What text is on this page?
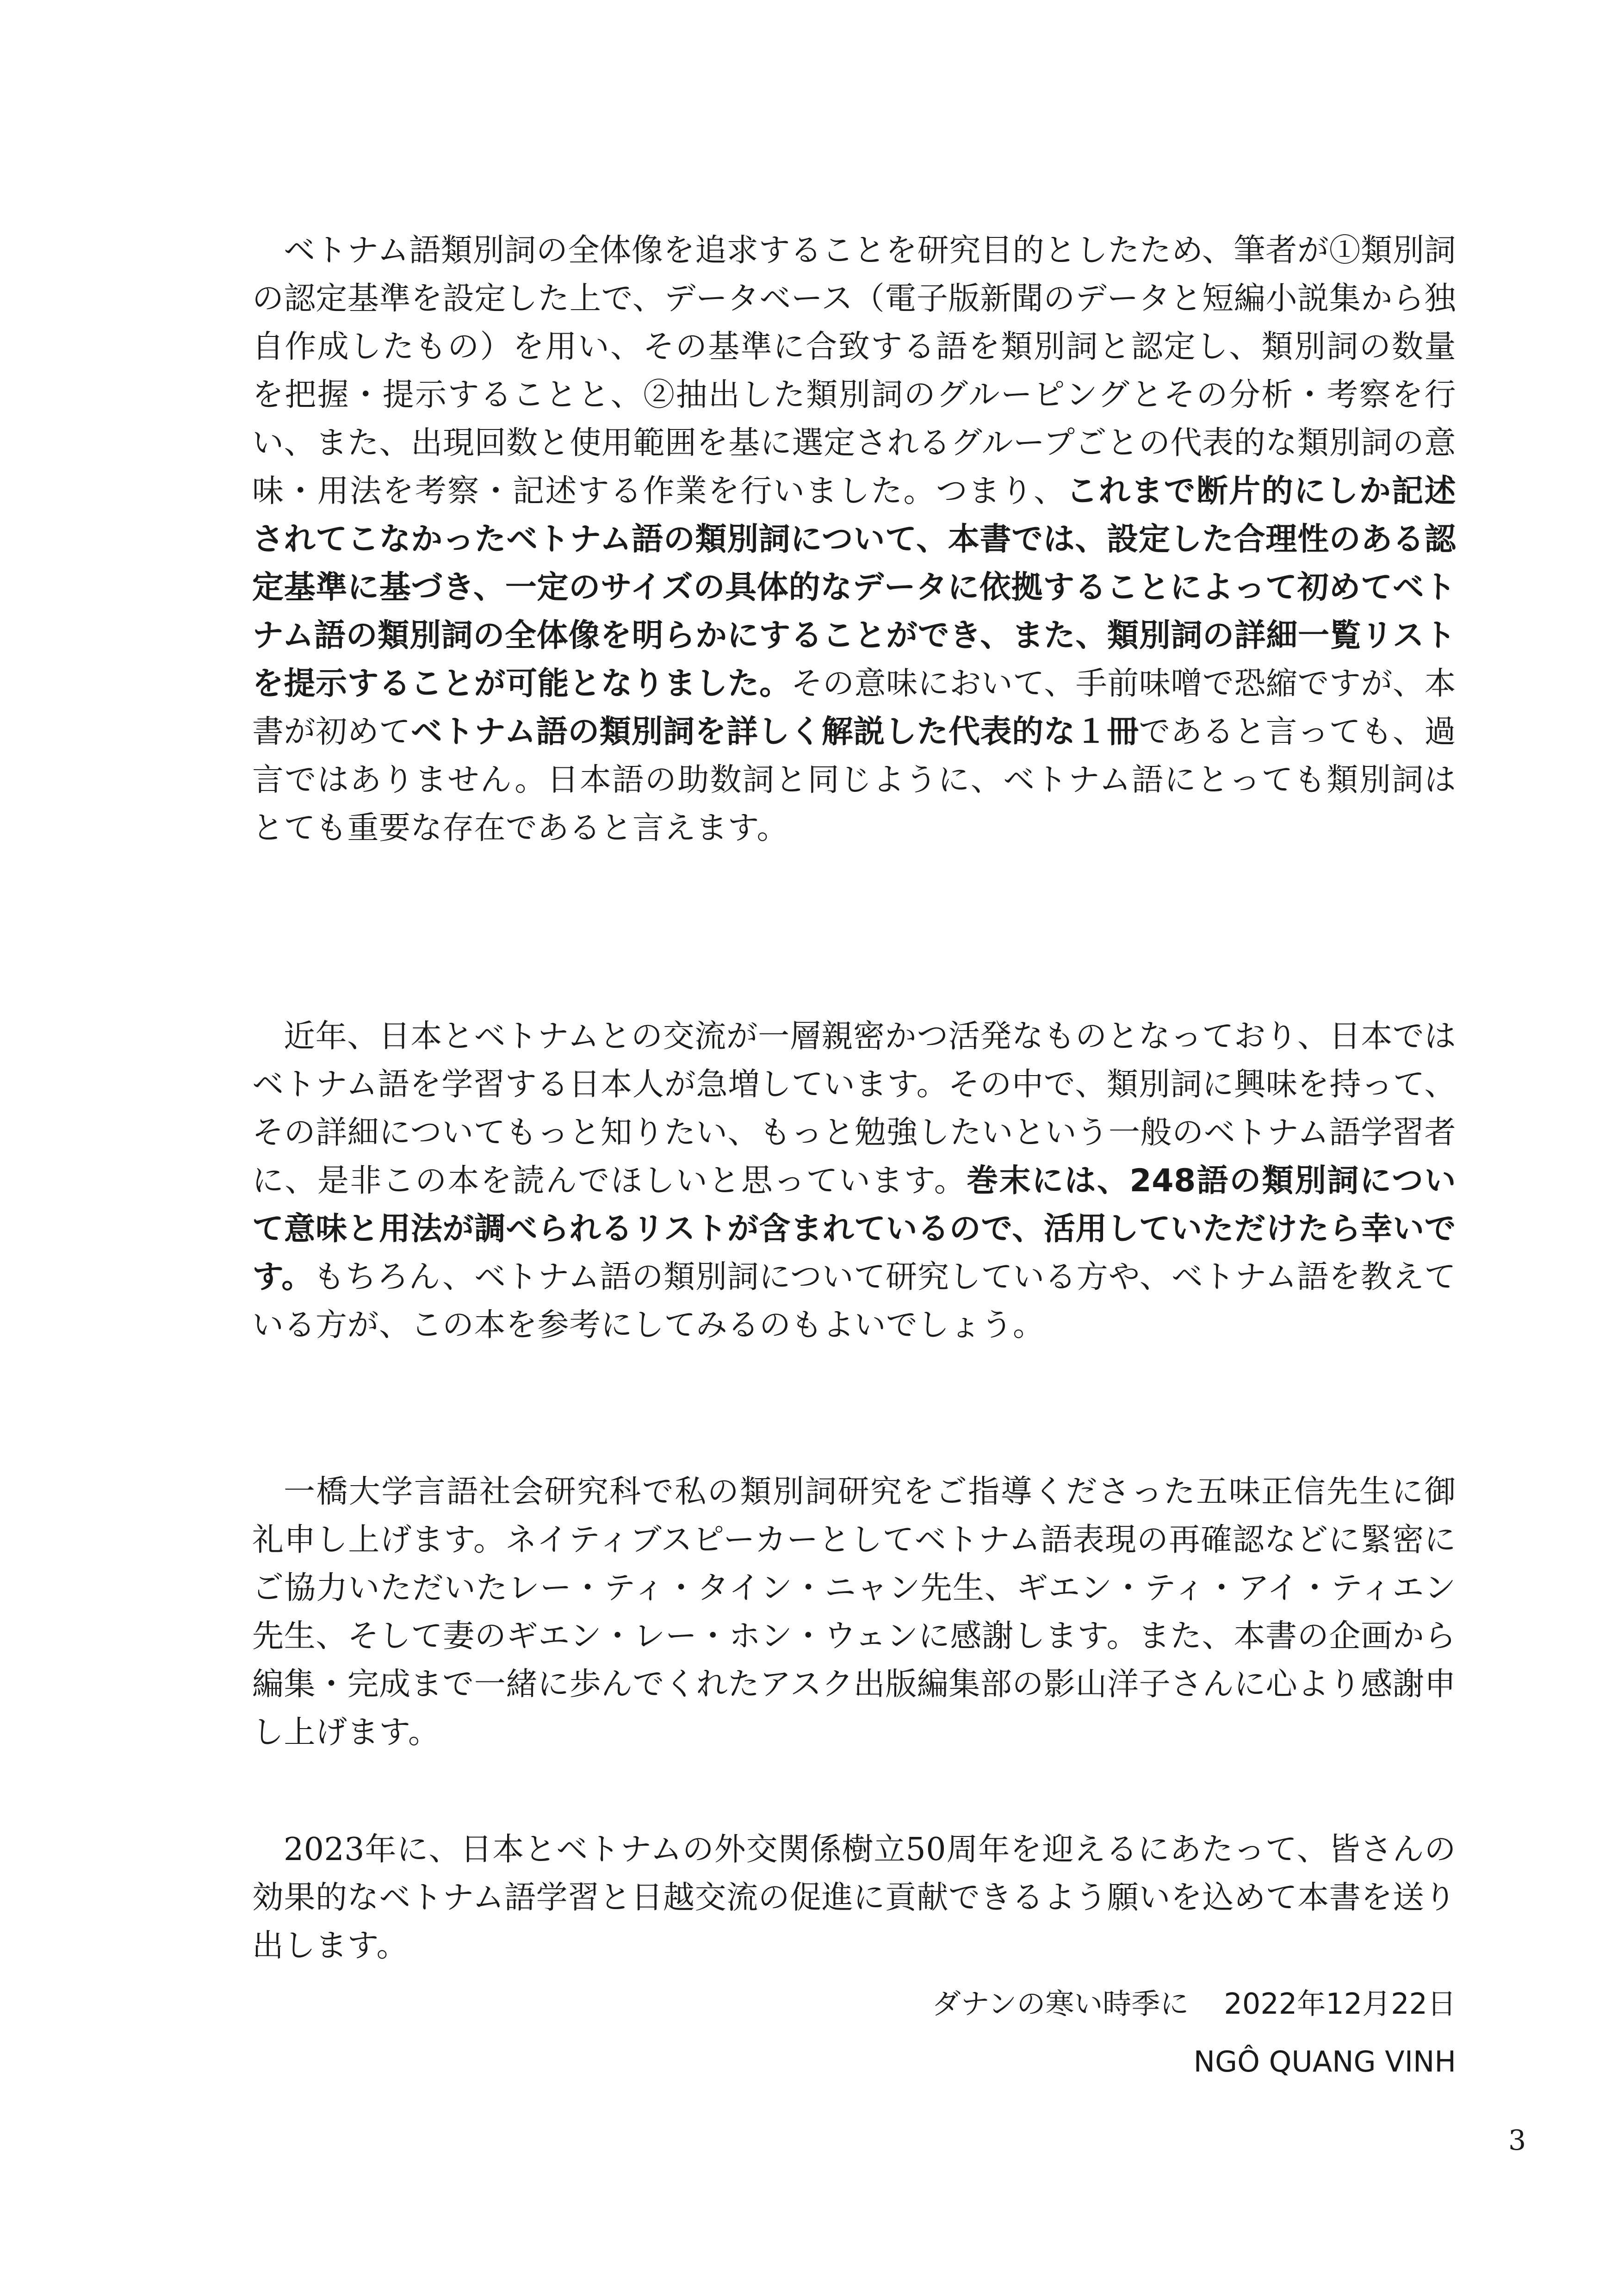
ベトナム語類別詞の全体像を追求することを研究目的としたため、筆者が①類別詞の認定基準を設定した上で、データベース（電子版新聞のデータと短編小説集から独自作成したもの）を用い、その基準に合致する語を類別詞と認定し、類別詞の数量を把握・提示することと、②抽出した類別詞のグルーピングとその分析・考察を行い、また、出現回数と使用範囲を基に選定されるグループごとの代表的な類別詞の意味・用法を考察・記述する作業を行いました。つまり、これまで断片的にしか記述されてこなかったベトナム語の類別詞について、本書では、設定した合理性のある認定基準に基づき、一定のサイズの具体的なデータに依拠することによって初めてベトナム語の類別詞の全体像を明らかにすることができ、また、類別詞の詳細一覧リストを提示することが可能となりました。その意味において、手前味噌で恐縮ですが、本書が初めてベトナム語の類別詞を詳しく解説した代表的な１冊であると言っても、過言ではありません。日本語の助数詞と同じように、ベトナム語にとっても類別詞はとても重要な存在であると言えます。

近年、日本とベトナムとの交流が一層親密かつ活発なものとなっており、日本ではベトナム語を学習する日本人が急増しています。その中で、類別詞に興味を持って、その詳細についてもっと知りたい、もっと勉強したいという一般のベトナム語学習者に、是非この本を読んでほしいと思っています。巻末には、248語の類別詞について意味と用法が調べられるリストが含まれているので、活用していただけたら幸いです。もちろん、ベトナム語の類別詞について研究している方や、ベトナム語を教えている方が、この本を参考にしてみるのもよいでしょう。

一橋大学言語社会研究科で私の類別詞研究をご指導くださった五味正信先生に御礼申し上げます。ネイティブスピーカーとしてベトナム語表現の再確認などに緊密にご協力いただいたレー・ティ・タイン・ニャン先生、ギエン・ティ・アイ・ティエン先生、そして妻のギエン・レー・ホン・ウェンに感謝します。また、本書の企画から編集・完成まで一緒に歩んでくれたアスク出版編集部の影山洋子さんに心より感謝申し上げます。

2023年に、日本とベトナムの外交関係樹立50周年を迎えるにあたって、皆さんの効果的なベトナム語学習と日越交流の促進に貢献できるよう願いを込めて本書を送り出します。

ダナンの寒い時季に 2022年12月22日
NGÔ QUANG VINH
3
